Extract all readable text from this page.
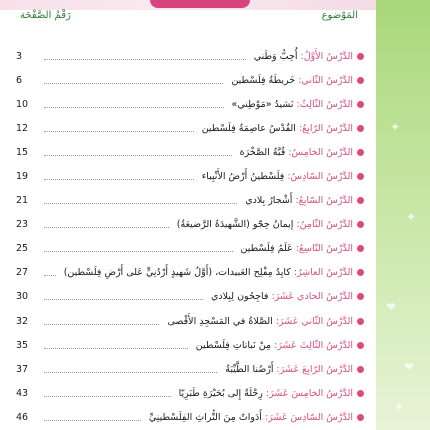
✦
✦
❤
❤
✦
رَقْمُ الصَّفْحَة	المَوْضوع
الدَّرْسُ الأَوَّلُ: أُحِبُّ وَطَني
3
الدَّرْسُ الثّاني: خَريطَةُ فِلَسْطين
6
الدَّرْسُ الثّالِثُ: نَشيدُ «مَوْطِني»
10
الدَّرْسُ الرّابِعُ: القُدْسُ عاصِمَةُ فِلَسْطين
12
الدَّرْسُ الخامِسُ: قُبَّةُ الصَّخْرَة
15
الدَّرْسُ السّادِسُ: فِلَسْطينُ أَرْضُ الأَنْبِياء
19
الدَّرْسُ السّابِعُ: أَشْجارُ بِلادي
21
الدَّرْسُ الثّامِنُ: إيمانُ حِجّو (الشَّهيدَةُ الرَّضيعَةُ)
23
الدَّرْسُ التّاسِعُ: عَلَمُ فِلَسْطين
25
الدَّرْسُ العاشِرُ: كايِدُ مِفْلِح العَبيدات، (أَوَّلُ شَهيدٍ أَرْدُنِيٍّ عَلى أَرْضِ فِلَسْطين)
27
الدَّرْسُ الحادي عَشَرَ: فاجِحُون لِبِلادي
30
الدَّرْسُ الثّاني عَشَرَ: الصَّلاةُ في المَسْجِدِ الأَقْصى
32
الدَّرْسُ الثّالِثَ عَشَرَ: مِنْ نَباتاتِ فِلَسْطين
35
الدَّرْسُ الرّابِعَ عَشَرَ: أَرْضُنا الطَّيِّبَةُ
37
الدَّرْسُ الخامِسَ عَشَرَ: رِحْلَةٌ إِلى بُحَيْرَةِ طَبَرِيّا
43
الدَّرْسُ السّادِسَ عَشَرَ: أَدَواتٌ مِنَ التُّراثِ الفِلَسْطينِيِّ
46
